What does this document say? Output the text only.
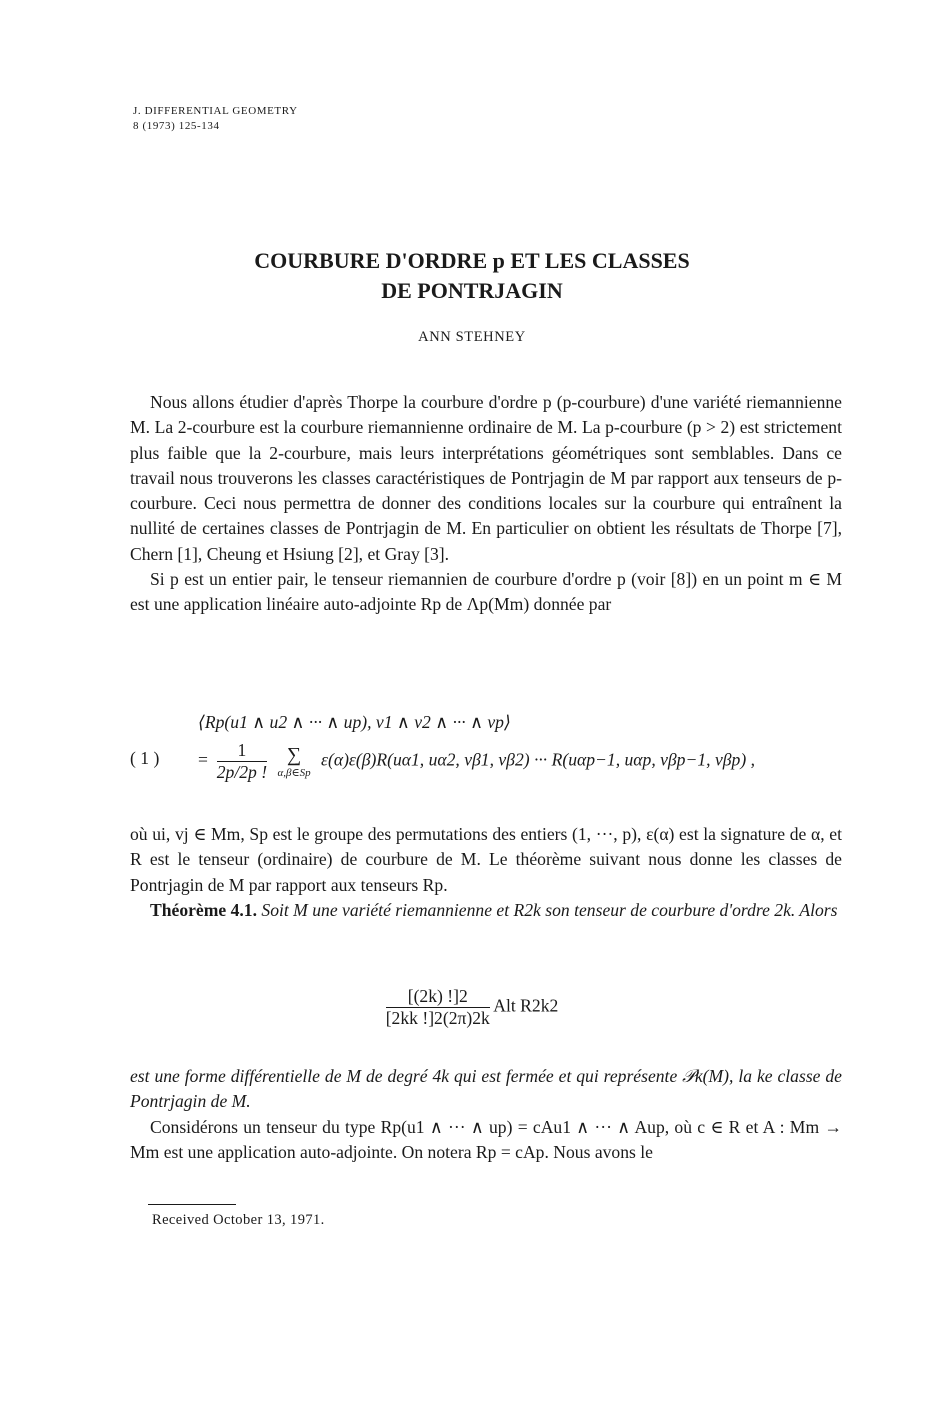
J. DIFFERENTIAL GEOMETRY
8 (1973) 125-134
COURBURE D'ORDRE p ET LES CLASSES
DE PONTRJAGIN
ANN STEHNEY

Nous allons étudier d'après Thorpe la courbure d'ordre p (p-courbure) d'une variété riemannienne M. La 2-courbure est la courbure riemannienne ordinaire de M. La p-courbure (p > 2) est strictement plus faible que la 2-courbure, mais leurs interprétations géométriques sont semblables. Dans ce travail nous trouverons les classes caractéristiques de Pontrjagin de M par rapport aux tenseurs de p-courbure. Ceci nous permettra de donner des conditions locales sur la courbure qui entraînent la nullité de certaines classes de Pontrjagin de M. En particulier on obtient les résultats de Thorpe [7], Chern [1], Cheung et Hsiung [2], et Gray [3].

Si p est un entier pair, le tenseur riemannien de courbure d'ordre p (voir [8]) en un point m ∈ M est une application linéaire auto-adjointe Rp de Λp(Mm) donnée par

⟨Rp(u1 ∧ u2 ∧ ··· ∧ up), v1 ∧ v2 ∧ ··· ∧ vp⟩
( 1 ) = $\frac{1}{2p/2p !}$
∑
α,β∈Sp
ε(α)ε(β)R(uα1, uα2, vβ1, vβ2) ··· R(uαp−1, uαp, vβp−1, vβp) ,

où ui, vj ∈ Mm, Sp est le groupe des permutations des entiers (1, ···, p), ε(α) est la signature de α, et R est le tenseur (ordinaire) de courbure de M. Le théorème suivant nous donne les classes de Pontrjagin de M par rapport aux tenseurs Rp.

Théorème 4.1. Soit M une variété riemannienne et R2k son tenseur de courbure d'ordre 2k. Alors

$\frac{[(2k) !]2}{[2kk !]2(2\pi)2k}$ Alt R2k2

est une forme différentielle de M de degré 4k qui est fermée et qui représente 𝒫k(M), la ke classe de Pontrjagin de M.

Considérons un tenseur du type Rp(u1 ∧ ··· ∧ up) = cAu1 ∧ ··· ∧ Aup, où c ∈ R et A : Mm → Mm est une application auto-adjointe. On notera Rp = cAp. Nous avons le

Received October 13, 1971.
